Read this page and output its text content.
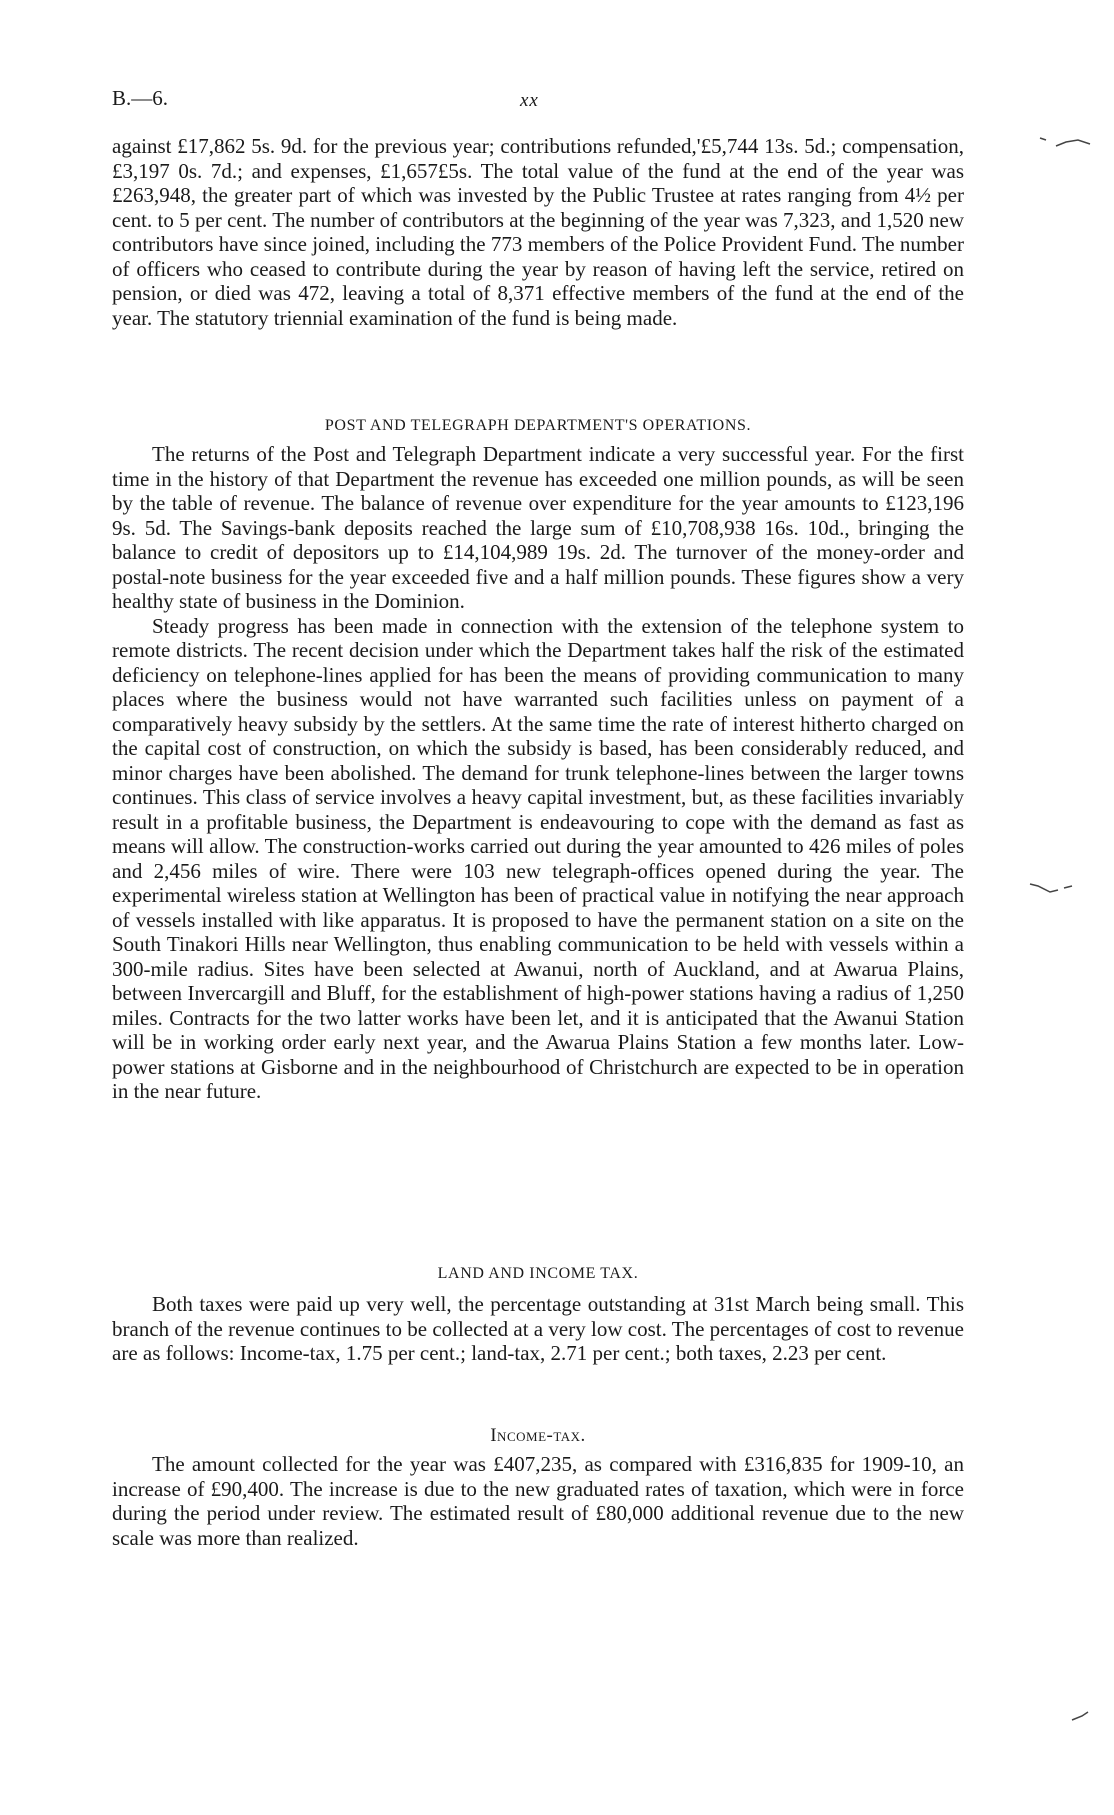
B.—6.	xx

against £17,862 5s. 9d. for the previous year; contributions refunded,'£5,744 13s. 5d.; compensation, £3,197 0s. 7d.; and expenses, £1,657£5s. The total value of the fund at the end of the year was £263,948, the greater part of which was invested by the Public Trustee at rates ranging from 4½ per cent. to 5 per cent. The number of contributors at the beginning of the year was 7,323, and 1,520 new contributors have since joined, including the 773 members of the Police Provident Fund. The number of officers who ceased to contribute during the year by reason of having left the service, retired on pension, or died was 472, leaving a total of 8,371 effective members of the fund at the end of the year. The statutory triennial examination of the fund is being made.

POST AND TELEGRAPH DEPARTMENT'S OPERATIONS.

The returns of the Post and Telegraph Department indicate a very successful year. For the first time in the history of that Department the revenue has exceeded one million pounds, as will be seen by the table of revenue. The balance of revenue over expenditure for the year amounts to £123,196 9s. 5d. The Savings-bank deposits reached the large sum of £10,708,938 16s. 10d., bringing the balance to credit of depositors up to £14,104,989 19s. 2d. The turnover of the money-order and postal-note business for the year exceeded five and a half million pounds. These figures show a very healthy state of business in the Dominion.

Steady progress has been made in connection with the extension of the telephone system to remote districts. The recent decision under which the Department takes half the risk of the estimated deficiency on telephone-lines applied for has been the means of providing communication to many places where the business would not have warranted such facilities unless on payment of a comparatively heavy subsidy by the settlers. At the same time the rate of interest hitherto charged on the capital cost of construction, on which the subsidy is based, has been considerably reduced, and minor charges have been abolished. The demand for trunk telephone-lines between the larger towns continues. This class of service involves a heavy capital investment, but, as these facilities invariably result in a profitable business, the Department is endeavouring to cope with the demand as fast as means will allow. The construction-works carried out during the year amounted to 426 miles of poles and 2,456 miles of wire. There were 103 new telegraph-offices opened during the year. The experimental wireless station at Wellington has been of practical value in notifying the near approach of vessels installed with like apparatus. It is proposed to have the permanent station on a site on the South Tinakori Hills near Wellington, thus enabling communication to be held with vessels within a 300-mile radius. Sites have been selected at Awanui, north of Auckland, and at Awarua Plains, between Invercargill and Bluff, for the establishment of high-power stations having a radius of 1,250 miles. Contracts for the two latter works have been let, and it is anticipated that the Awanui Station will be in working order early next year, and the Awarua Plains Station a few months later. Low-power stations at Gisborne and in the neighbourhood of Christchurch are expected to be in operation in the near future.

LAND AND INCOME TAX.

Both taxes were paid up very well, the percentage outstanding at 31st March being small. This branch of the revenue continues to be collected at a very low cost. The percentages of cost to revenue are as follows: Income-tax, 1.75 per cent.; land-tax, 2.71 per cent.; both taxes, 2.23 per cent.

Income-tax.

The amount collected for the year was £407,235, as compared with £316,835 for 1909-10, an increase of £90,400. The increase is due to the new graduated rates of taxation, which were in force during the period under review. The estimated result of £80,000 additional revenue due to the new scale was more than realized.
